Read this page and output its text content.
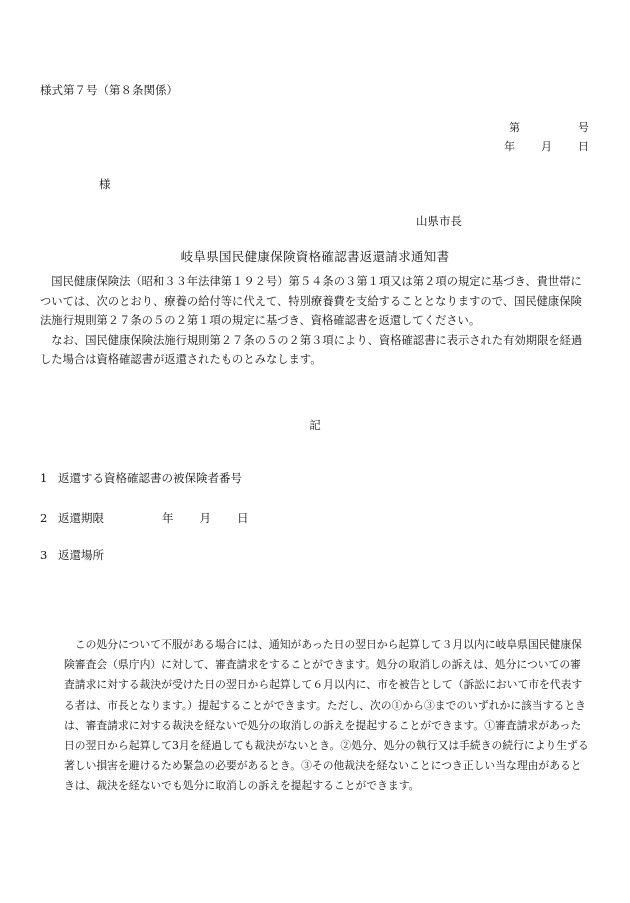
様式第７号（第８条関係）
第	号
年 月 日
様
山県市長
岐阜県国民健康保険資格確認書返還請求通知書

国民健康保険法（昭和３３年法律第１９２号）第５４条の３第１項又は第２項の規定に基づき、貴世帯については、次のとおり、療養の給付等に代えて、特別療養費を支給することとなりますので、国民健康保険法施行規則第２７条の５の２第１項の規定に基づき、資格確認書を返還してください。

なお、国民健康保険法施行規則第２７条の５の２第３項により、資格確認書に表示された有効期限を経過した場合は資格確認書が返還されたものとみなします。

記
1 返還する資格確認書の被保険者番号
2 返還期限	年 月 日
3 返還場所
この処分について不服がある場合には、通知があった日の翌日から起算して３月以内に岐阜県国民健康保険審査会（県庁内）に対して、審査請求をすることができます。処分の取消しの訴えは、処分についての審査請求に対する裁決が受けた日の翌日から起算して６月以内に、市を被告として（訴訟において市を代表する者は、市長となります。）提起することができます。ただし、次の①から③までのいずれかに該当するときは、審査請求に対する裁決を経ないで処分の取消しの訴えを提起することができます。①審査請求があった日の翌日から起算して3月を経過しても裁決がないとき。②処分、処分の執行又は手続きの続行により生ずる著しい損害を避けるため緊急の必要があるとき。③その他裁決を経ないことにつき正しい当な理由があるときは、裁決を経ないでも処分に取消しの訴えを提起することができます。
